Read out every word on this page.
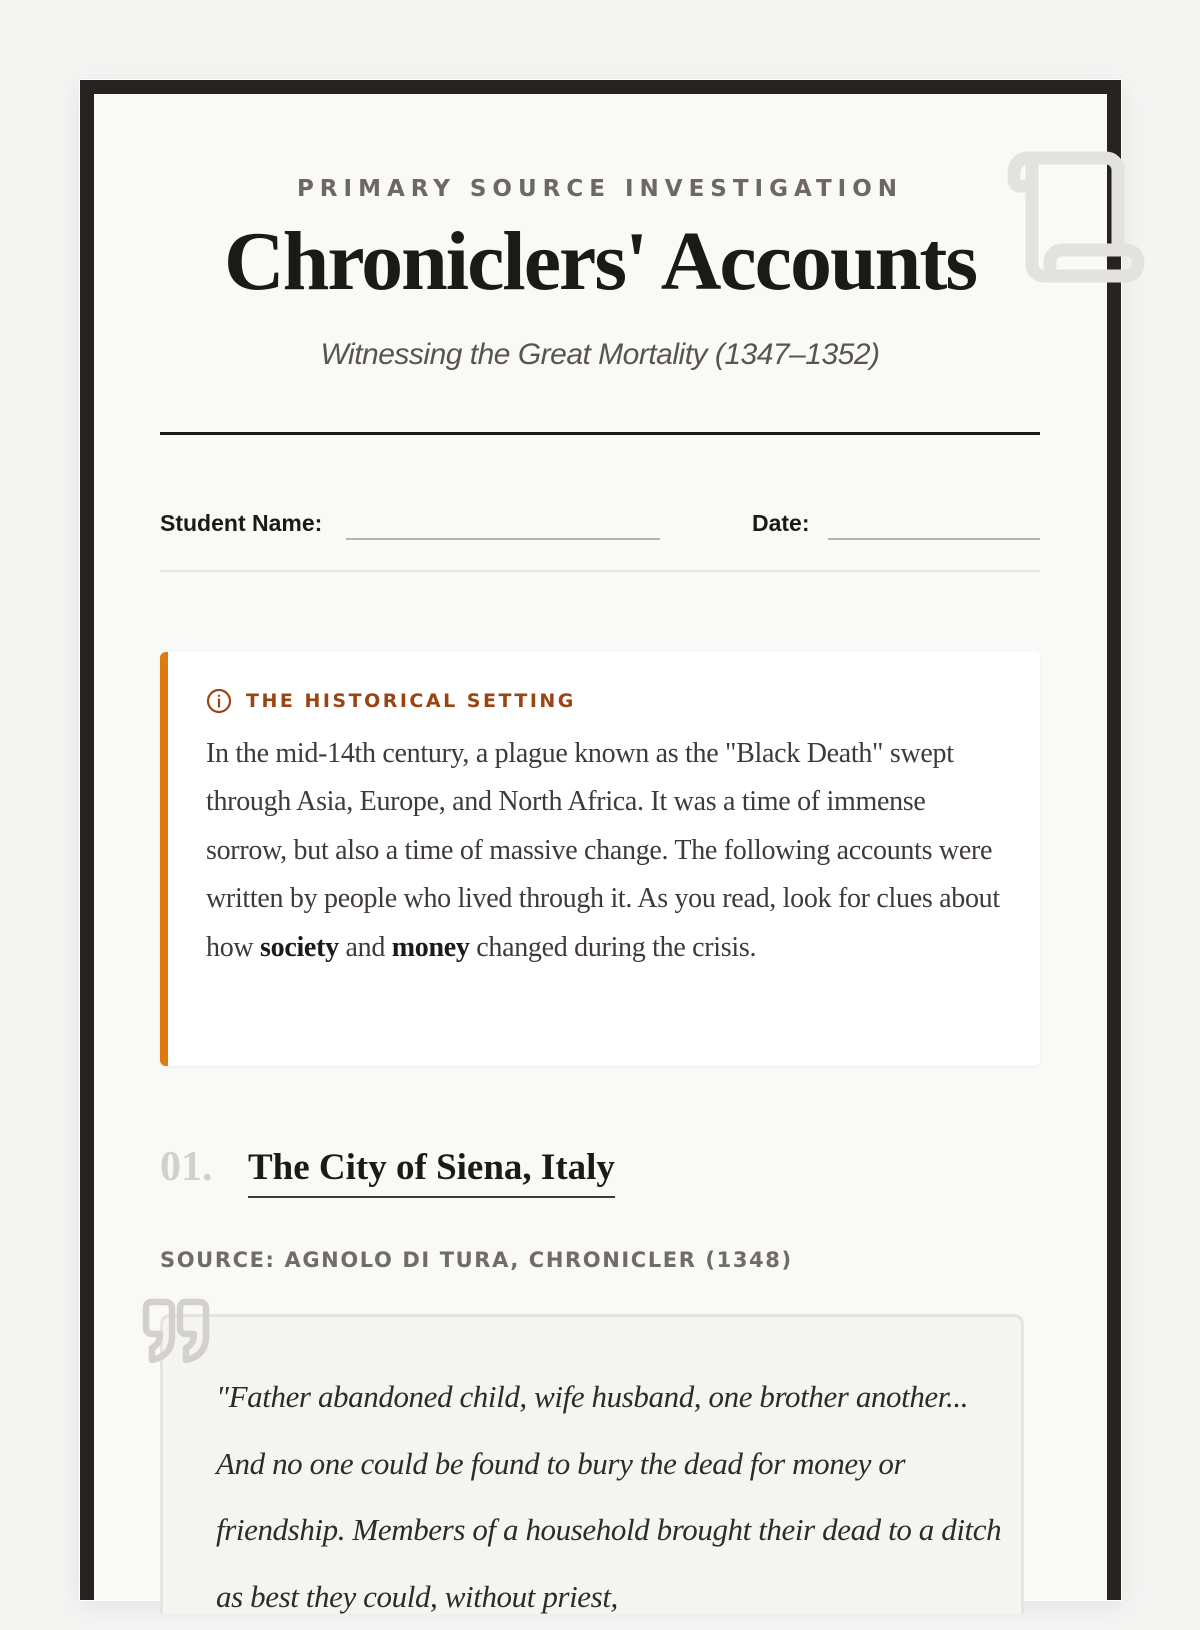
PRIMARY SOURCE INVESTIGATION
Chroniclers' Accounts
Witnessing the Great Mortality (1347–1352)
Student Name:	Date:
THE HISTORICAL SETTING

In the mid-14th century, a plague known as the "Black Death" swept through Asia, Europe, and North Africa. It was a time of immense sorrow, but also a time of massive change. The following accounts were written by people who lived through it. As you read, look for clues about how society and money changed during the crisis.

01. The City of Siena, Italy
SOURCE: AGNOLO DI TURA, CHRONICLER (1348)

"Father abandoned child, wife husband, one brother another... And no one could be found to bury the dead for money or friendship. Members of a household brought their dead to a ditch as best they could, without priest,
